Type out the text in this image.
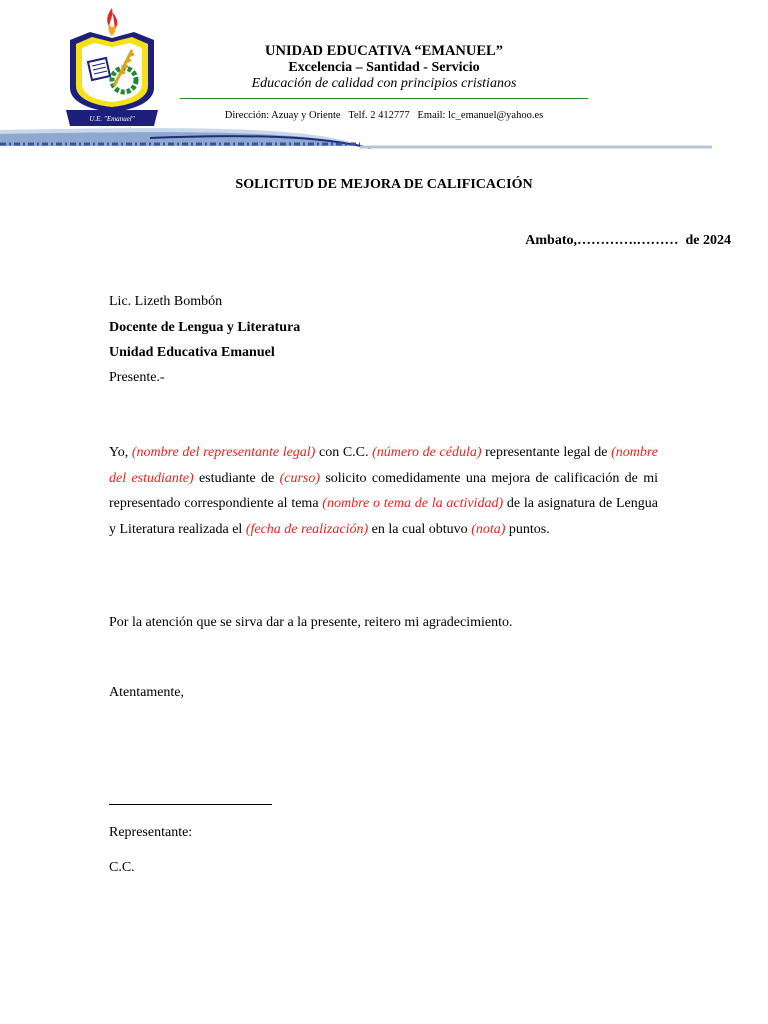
U.E. "Emanuel"
UNIDAD EDUCATIVA “EMANUEL”
Excelencia – Santidad - Servicio
Educación de calidad con principios cristianos
Dirección: Azuay y Oriente   Telf. 2 412777   Email: lc_emanuel@yahoo.es
SOLICITUD DE MEJORA DE CALIFICACIÓN
Ambato,………….………  de 2024
Lic. Lizeth Bombón
Docente de Lengua y Literatura
Unidad Educativa Emanuel
Presente.-
Yo, (nombre del representante legal) con C.C. (número de cédula) representante legal de (nombre del estudiante) estudiante de (curso) solicito comedidamente una mejora de calificación de mi representado correspondiente al tema (nombre o tema de la actividad) de la asignatura de Lengua y Literatura realizada el (fecha de realización) en la cual obtuvo (nota) puntos.
Por la atención que se sirva dar a la presente, reitero mi agradecimiento.
Atentamente,
Representante:
C.C.
